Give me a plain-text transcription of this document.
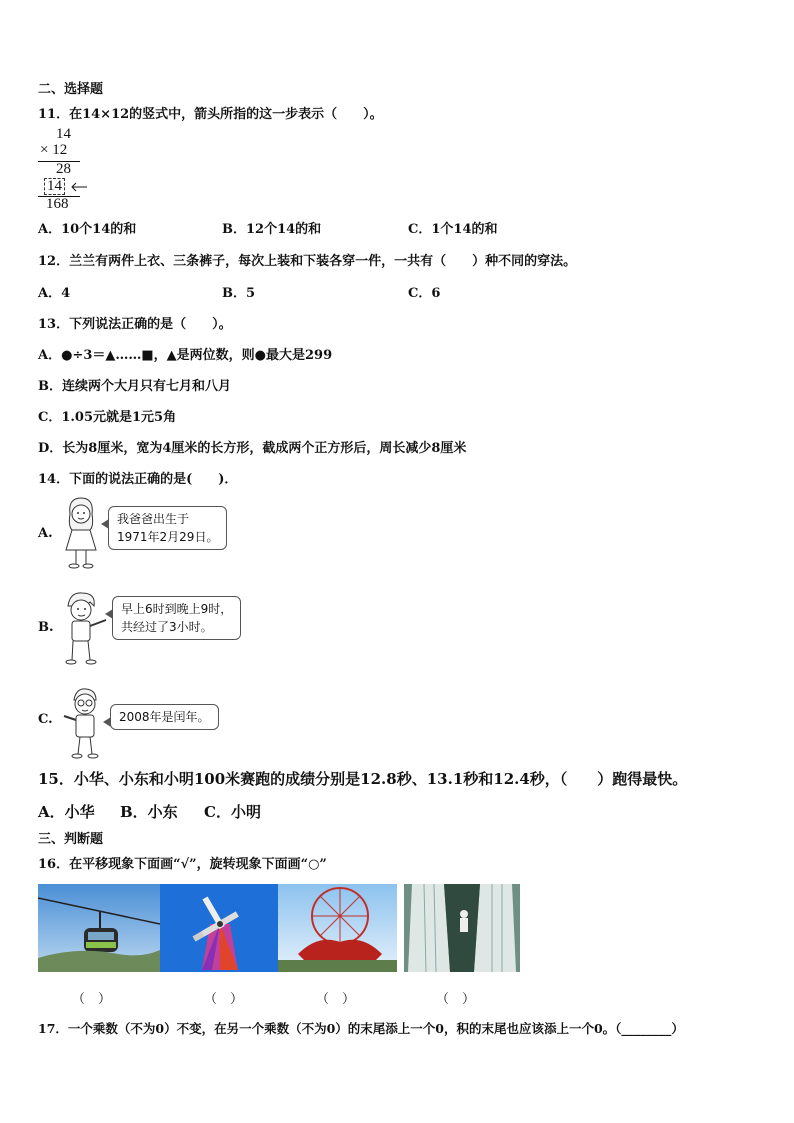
二、选择题
11．在14×12的竖式中，箭头所指的这一步表示（　　）。
14
× 12
28
14
168
A．10个14的和	B．12个14的和	C．1个14的和
12．兰兰有两件上衣、三条裤子，每次上装和下装各穿一件，一共有（　　）种不同的穿法。
A．4	B．5	C．6
13．下列说法正确的是（　　）。
A．●÷3＝▲……■，▲是两位数，则●最大是299
B．连续两个大月只有七月和八月
C．1.05元就是1元5角
D．长为8厘米，宽为4厘米的长方形，截成两个正方形后，周长减少8厘米
14．下面的说法正确的是(　　)．
A.
我爸爸出生于
1971年2月29日。
B.
早上6时到晚上9时，
共经过了3小时。
C.	2008年是闰年。
15．小华、小东和小明100米赛跑的成绩分别是12.8秒、13.1秒和12.4秒，（　　）跑得最快。
A．小华 B．小东 C．小明
三、判断题
16．在平移现象下面画“√”，旋转现象下面画“○”
（　）	（　）	（　）	（　）
17．一个乘数（不为0）不变，在另一个乘数（不为0）的末尾添上一个0，积的末尾也应该添上一个0。（________）
